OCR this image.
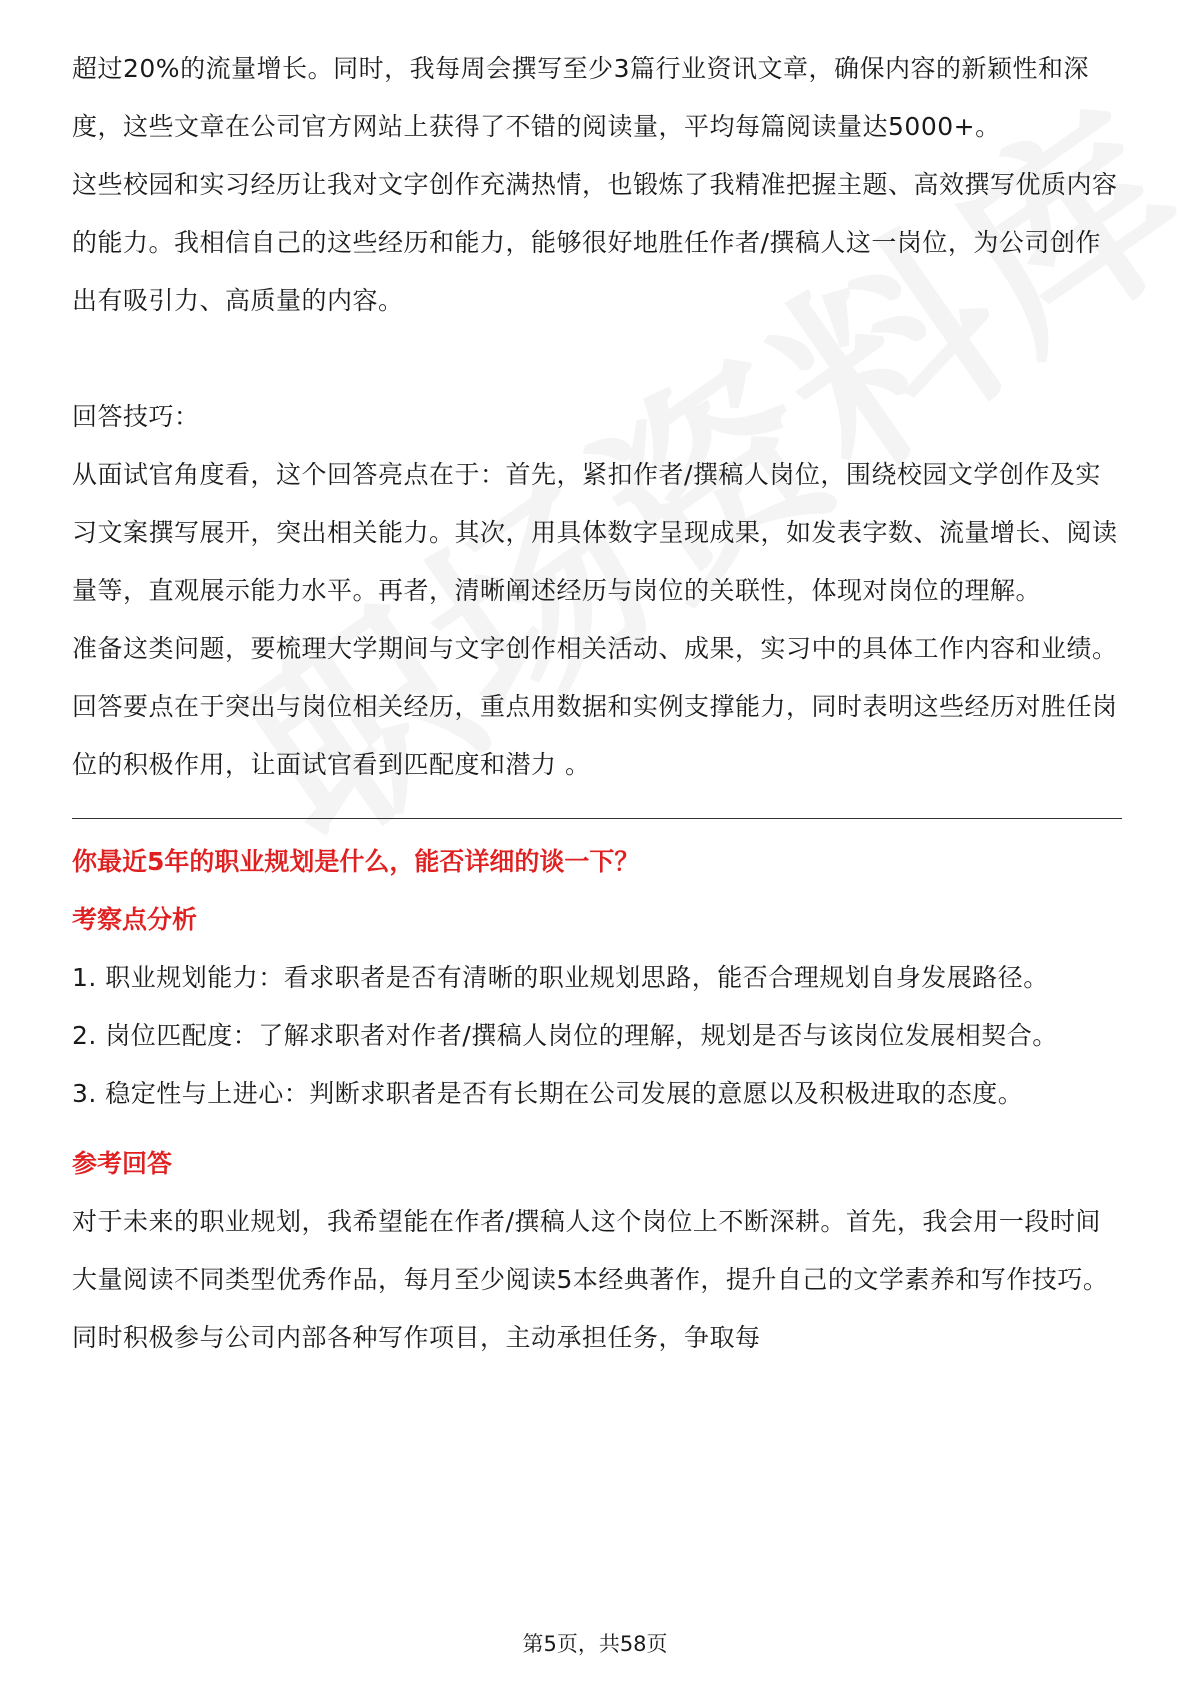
超过20%的流量增长。同时，我每周会撰写至少3篇行业资讯文章，确保内容的新颖性和深度，这些文章在公司官方网站上获得了不错的阅读量，平均每篇阅读量达5000+。

这些校园和实习经历让我对文字创作充满热情，也锻炼了我精准把握主题、高效撰写优质内容的能力。我相信自己的这些经历和能力，能够很好地胜任作者/撰稿人这一岗位，为公司创作出有吸引力、高质量的内容。

回答技巧：

从面试官角度看，这个回答亮点在于：首先，紧扣作者/撰稿人岗位，围绕校园文学创作及实习文案撰写展开，突出相关能力。其次，用具体数字呈现成果，如发表字数、流量增长、阅读量等，直观展示能力水平。再者，清晰阐述经历与岗位的关联性，体现对岗位的理解。

准备这类问题，要梳理大学期间与文字创作相关活动、成果，实习中的具体工作内容和业绩。回答要点在于突出与岗位相关经历，重点用数据和实例支撑能力，同时表明这些经历对胜任岗位的积极作用，让面试官看到匹配度和潜力 。

你最近5年的职业规划是什么，能否详细的谈一下？

考察点分析

1. 职业规划能力：看求职者是否有清晰的职业规划思路，能否合理规划自身发展路径。

2. 岗位匹配度：了解求职者对作者/撰稿人岗位的理解，规划是否与该岗位发展相契合。

3. 稳定性与上进心：判断求职者是否有长期在公司发展的意愿以及积极进取的态度。

参考回答

对于未来的职业规划，我希望能在作者/撰稿人这个岗位上不断深耕。首先，我会用一段时间大量阅读不同类型优秀作品，每月至少阅读5本经典著作，提升自己的文学素养和写作技巧。同时积极参与公司内部各种写作项目，主动承担任务，争取每

第5页，共58页
